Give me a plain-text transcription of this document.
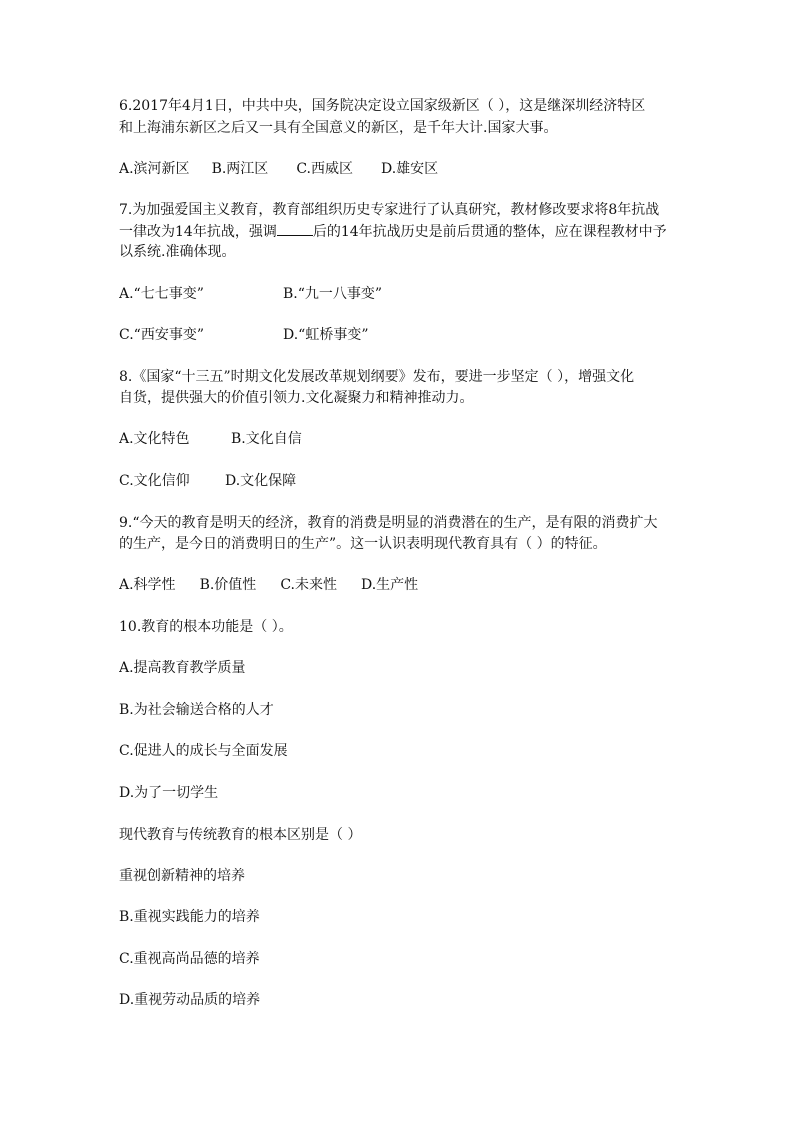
6.2017年4月1日，中共中央，国务院决定设立国家级新区（ ），这是继深圳经济特区
和上海浦东新区之后又一具有全国意义的新区，是千年大计.国家大事。
A.滨河新区 B.两江区 C.西威区 D.雄安区
7.为加强爱国主义教育，教育部组织历史专家进行了认真研究，教材修改要求将8年抗战
一律改为14年抗战，强调	后的14年抗战历史是前后贯通的整体，应在课程教材中予
以系统.准确体现。
A.“七七事变”	B.“九一八事变”
C.“西安事变”	D.“虹桥事变”
8.《国家“十三五”时期文化发展改革规划纲要》发布，要进一步坚定（ ），增强文化
自货，提供强大的价值引领力.文化凝聚力和精神推动力。
A.文化特色	B.文化自信
C.文化信仰	D.文化保障
9.“今天的教育是明天的经济，教育的消费是明显的消费潜在的生产，是有限的消费扩大
的生产，是今日的消费明日的生产”。这一认识表明现代教育具有（ ）的特征。
A.科学性 B.价值性 C.未来性 D.生产性
10.教育的根本功能是（ ）。
A.提高教育教学质量
B.为社会输送合格的人才
C.促进人的成长与全面发展
D.为了一切学生
现代教育与传统教育的根本区别是（ ）
重视创新精神的培养
B.重视实践能力的培养
C.重视高尚品德的培养
D.重视劳动品质的培养
